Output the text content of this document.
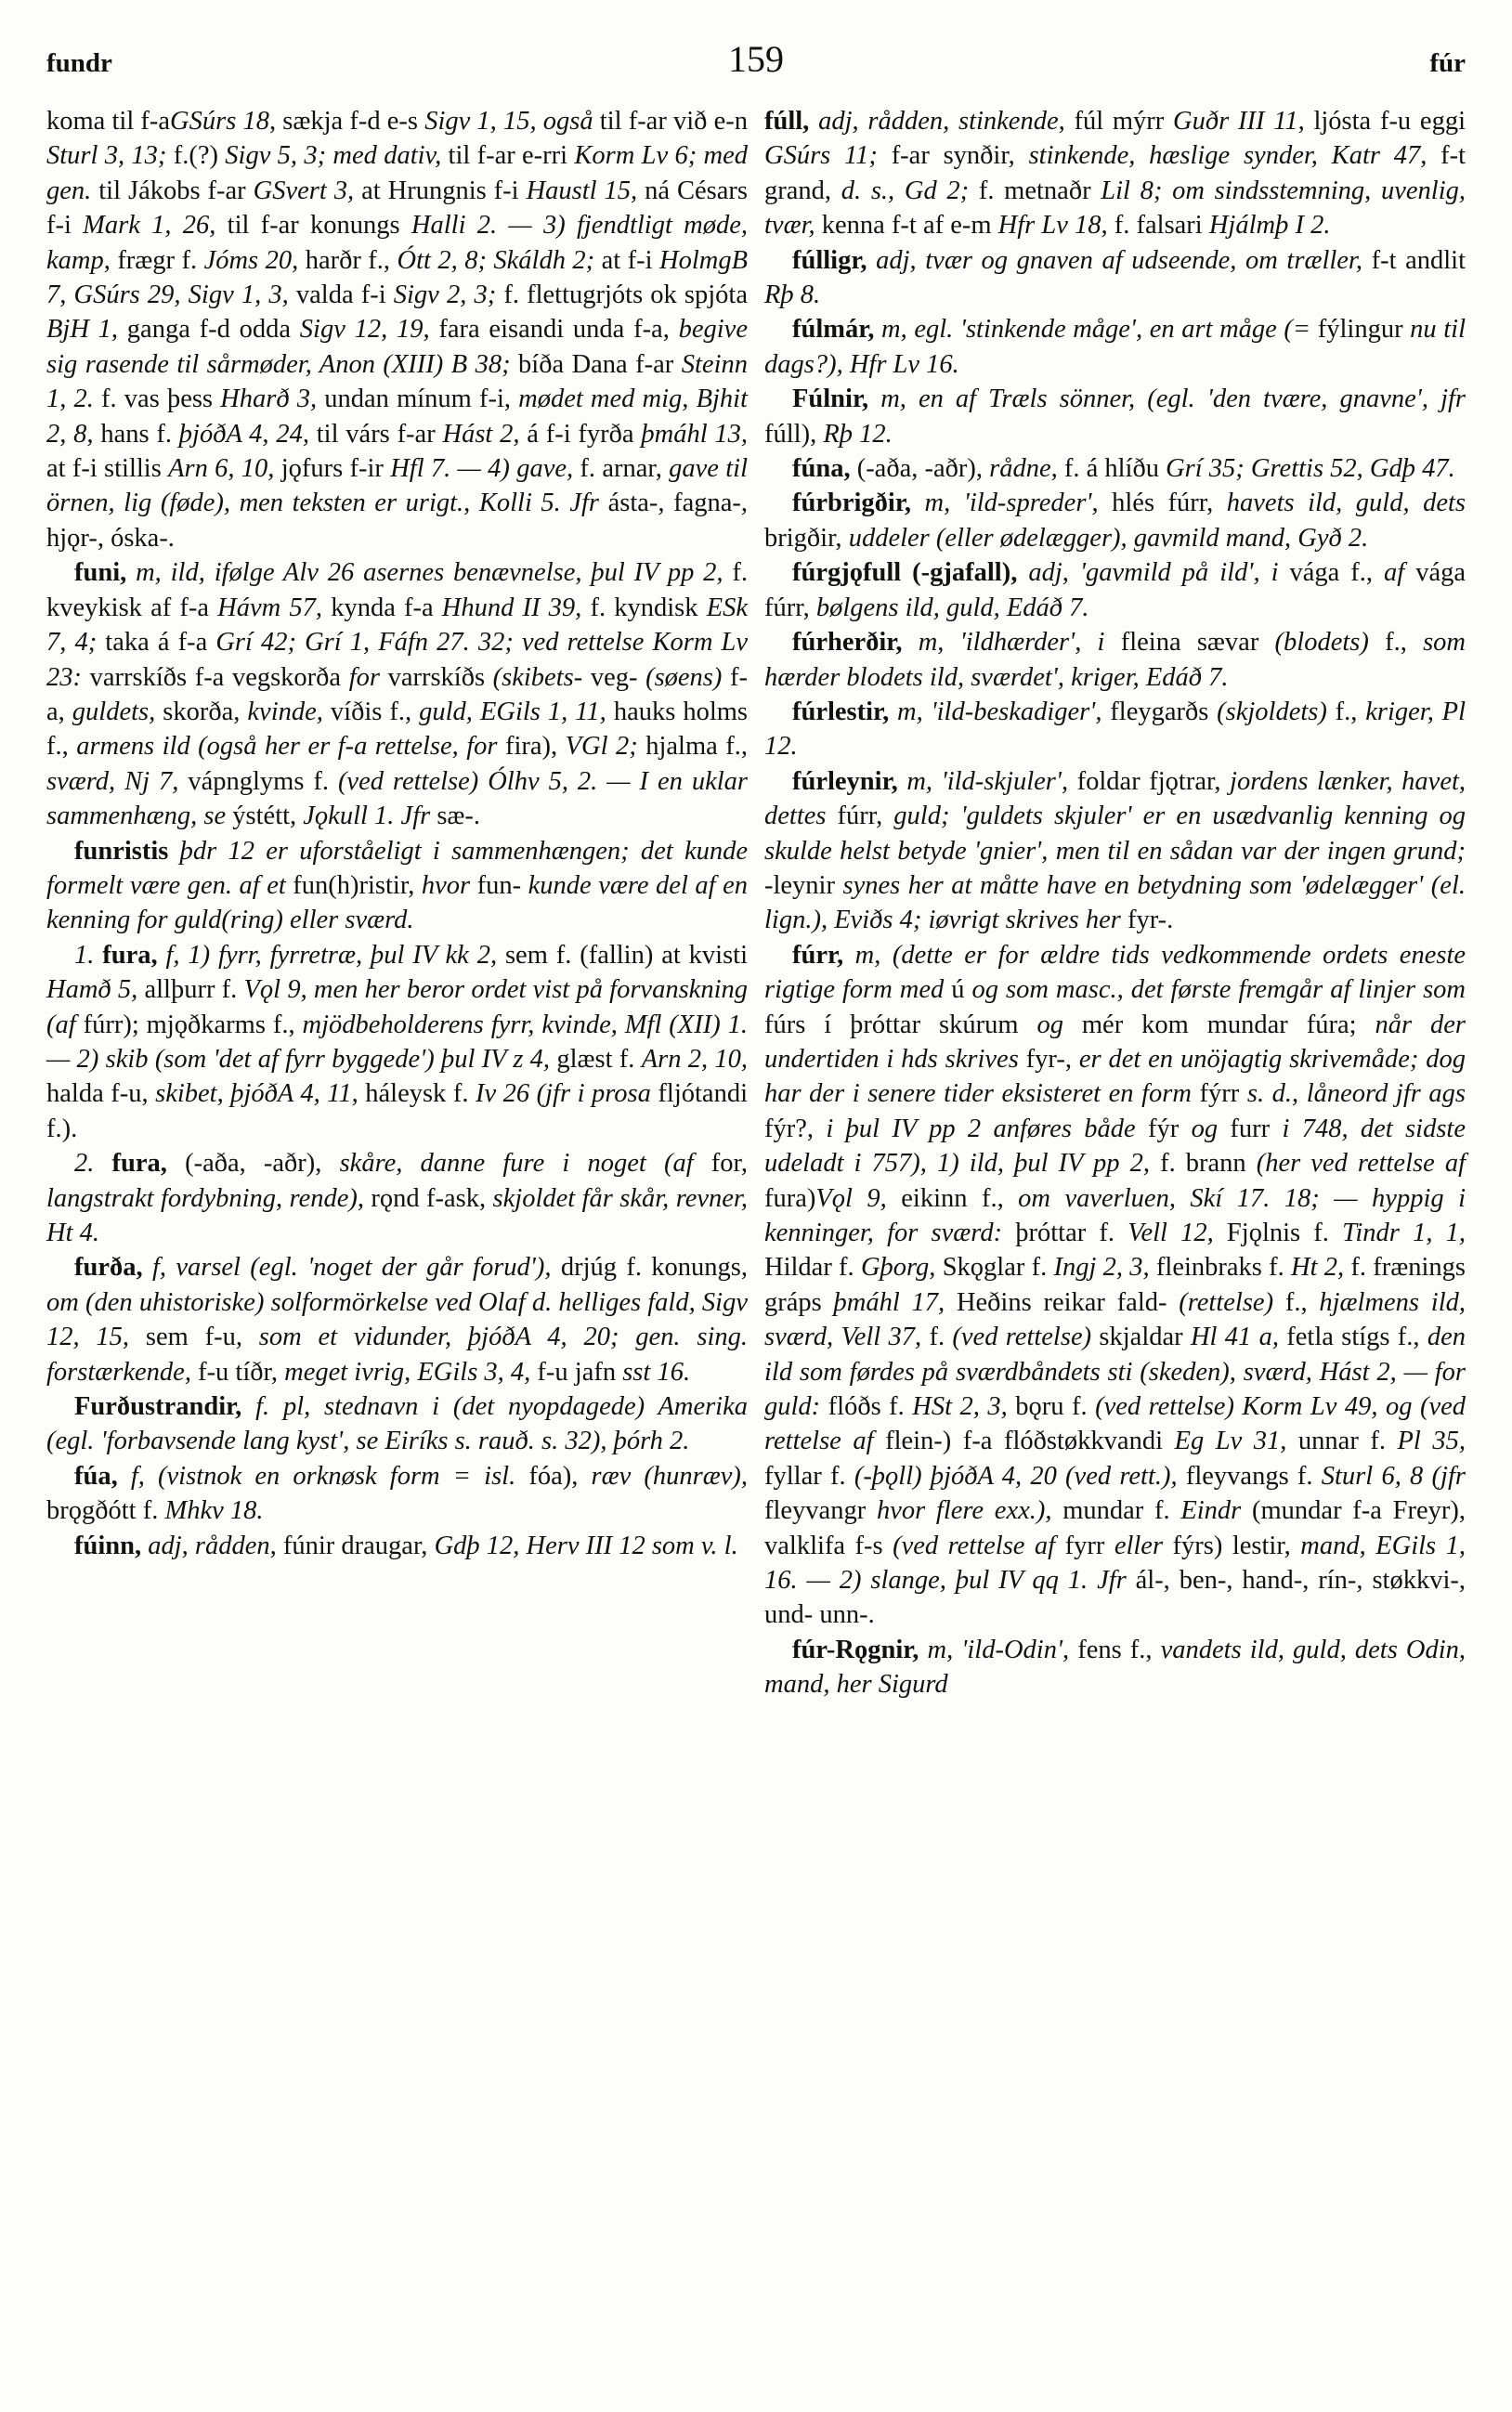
fundr	159	fúr

koma til f-aGSúrs 18, sækja f-d e-s Sigv 1, 15, også til f-ar við e-n Sturl 3, 13; f.(?) Sigv 5, 3; med dativ, til f-ar e-rri Korm Lv 6; med gen. til Jákobs f-ar GSvert 3, at Hrungnis f-i Haustl 15, ná Césars f-i Mark 1, 26, til f-ar konungs Halli 2. — 3) fjendtligt møde, kamp, frægr f. Jóms 20, harðr f., Ótt 2, 8; Skáldh 2; at f-i HolmgB 7, GSúrs 29, Sigv 1, 3, valda f-i Sigv 2, 3; f. flettugrjóts ok spjóta BjH 1, ganga f-d odda Sigv 12, 19, fara eisandi unda f-a, begive sig rasende til sårmøder, Anon (XIII) B 38; bíða Dana f-ar Steinn 1, 2. f. vas þess Hharð 3, undan mínum f-i, mødet med mig, Bjhit 2, 8, hans f. þjóðA 4, 24, til várs f-ar Hást 2, á f-i fyrða þmáhl 13, at f-i stillis Arn 6, 10, jǫfurs f-ir Hfl 7. — 4) gave, f. arnar, gave til örnen, lig (føde), men teksten er urigt., Kolli 5. Jfr ásta-, fagna-, hjǫr-, óska-.

funi, m, ild, ifølge Alv 26 asernes benævnelse, þul IV pp 2, f. kveykisk af f-a Hávm 57, kynda f-a Hhund II 39, f. kyndisk ESk 7, 4; taka á f-a Grí 42; Grí 1, Fáfn 27. 32; ved rettelse Korm Lv 23: varrskíðs f-a vegskorða for varrskíðs (skibets- veg- (søens) f-a, guldets, skorða, kvinde, víðis f., guld, EGils 1, 11, hauks holms f., armens ild (også her er f-a rettelse, for fira), VGl 2; hjalma f., sværd, Nj 7, vápnglyms f. (ved rettelse) Ólhv 5, 2. — I en uklar sammenhæng, se ýstétt, Jǫkull 1. Jfr sæ-.

funristis þdr 12 er uforståeligt i sammenhængen; det kunde formelt være gen. af et fun(h)ristir, hvor fun- kunde være del af en kenning for guld(ring) eller sværd.

1. fura, f, 1) fyrr, fyrretræ, þul IV kk 2, sem f. (fallin) at kvisti Hamð 5, allþurr f. Vǫl 9, men her beror ordet vist på forvanskning (af fúrr); mjǫðkarms f., mjödbeholderens fyrr, kvinde, Mfl (XII) 1. — 2) skib (som 'det af fyrr byggede') þul IV z 4, glæst f. Arn 2, 10, halda f-u, skibet, þjóðA 4, 11, háleysk f. Iv 26 (jfr i prosa fljótandi f.).

2. fura, (-aða, -aðr), skåre, danne fure i noget (af for, langstrakt fordybning, rende), rǫnd f-ask, skjoldet får skår, revner, Ht 4.

furða, f, varsel (egl. 'noget der går forud'), drjúg f. konungs, om (den uhistoriske) solformörkelse ved Olaf d. helliges fald, Sigv 12, 15, sem f-u, som et vidunder, þjóðA 4, 20; gen. sing. forstærkende, f-u tíðr, meget ivrig, EGils 3, 4, f-u jafn sst 16.

Furðustrandir, f. pl, stednavn i (det nyopdagede) Amerika (egl. 'forbavsende lang kyst', se Eiríks s. rauð. s. 32), þórh 2.

fúa, f, (vistnok en orknøsk form = isl. fóa), ræv (hunræv), brǫgðótt f. Mhkv 18.

fúinn, adj, rådden, fúnir draugar, Gdþ 12, Herv III 12 som v. l.

fúll, adj, rådden, stinkende, fúl mýrr Guðr III 11, ljósta f-u eggi GSúrs 11; f-ar synðir, stinkende, hæslige synder, Katr 47, f-t grand, d. s., Gd 2; f. metnaðr Lil 8; om sindsstemning, uvenlig, tvær, kenna f-t af e-m Hfr Lv 18, f. falsari Hjálmþ I 2.

fúlligr, adj, tvær og gnaven af udseende, om træller, f-t andlit Rþ 8.

fúlmár, m, egl. 'stinkende måge', en art måge (= fýlingur nu til dags?), Hfr Lv 16.

Fúlnir, m, en af Træls sönner, (egl. 'den tvære, gnavne', jfr fúll), Rþ 12.

fúna, (-aða, -aðr), rådne, f. á hlíðu Grí 35; Grettis 52, Gdþ 47.

fúrbrigðir, m, 'ild-spreder', hlés fúrr, havets ild, guld, dets brigðir, uddeler (eller ødelægger), gavmild mand, Gyð 2.

fúrgjǫfull (-gjafall), adj, 'gavmild på ild', i vága f., af vága fúrr, bølgens ild, guld, Edáð 7.

fúrherðir, m, 'ildhærder', i fleina sævar (blodets) f., som hærder blodets ild, sværdet', kriger, Edáð 7.

fúrlestir, m, 'ild-beskadiger', fleygarðs (skjoldets) f., kriger, Pl 12.

fúrleynir, m, 'ild-skjuler', foldar fjǫtrar, jordens lænker, havet, dettes fúrr, guld; 'guldets skjuler' er en usædvanlig kenning og skulde helst betyde 'gnier', men til en sådan var der ingen grund; -leynir synes her at måtte have en betydning som 'ødelægger' (el. lign.), Eviðs 4; iøvrigt skrives her fyr-.

fúrr, m, (dette er for ældre tids vedkommende ordets eneste rigtige form med ú og som masc., det første fremgår af linjer som fúrs í þróttar skúrum og mér kom mundar fúra; når der undertiden i hds skrives fyr-, er det en unöjagtig skrivemåde; dog har der i senere tider eksisteret en form fýrr s. d., låneord jfr ags fýr?, i þul IV pp 2 anføres både fýr og furr i 748, det sidste udeladt i 757), 1) ild, þul IV pp 2, f. brann (her ved rettelse af fura)Vǫl 9, eikinn f., om vaverluen, Skí 17. 18; — hyppig i kenninger, for sværd: þróttar f. Vell 12, Fjǫlnis f. Tindr 1, 1, Hildar f. Gþorg, Skǫglar f. Ingj 2, 3, fleinbraks f. Ht 2, f. frænings gráps þmáhl 17, Heðins reikar fald- (rettelse) f., hjælmens ild, sværd, Vell 37, f. (ved rettelse) skjaldar Hl 41 a, fetla stígs f., den ild som førdes på sværdbåndets sti (skeden), sværd, Hást 2, — for guld: flóðs f. HSt 2, 3, bǫru f. (ved rettelse) Korm Lv 49, og (ved rettelse af flein-) f-a flóðstøkkvandi Eg Lv 31, unnar f. Pl 35, fyllar f. (-þǫll) þjóðA 4, 20 (ved rett.), fleyvangs f. Sturl 6, 8 (jfr fleyvangr hvor flere exx.), mundar f. Eindr (mundar f-a Freyr), valklifa f-s (ved rettelse af fyrr eller fýrs) lestir, mand, EGils 1, 16. — 2) slange, þul IV qq 1. Jfr ál-, ben-, hand-, rín-, støkkvi-, und- unn-.

fúr-Rǫgnir, m, 'ild-Odin', fens f., vandets ild, guld, dets Odin, mand, her Sigurd
